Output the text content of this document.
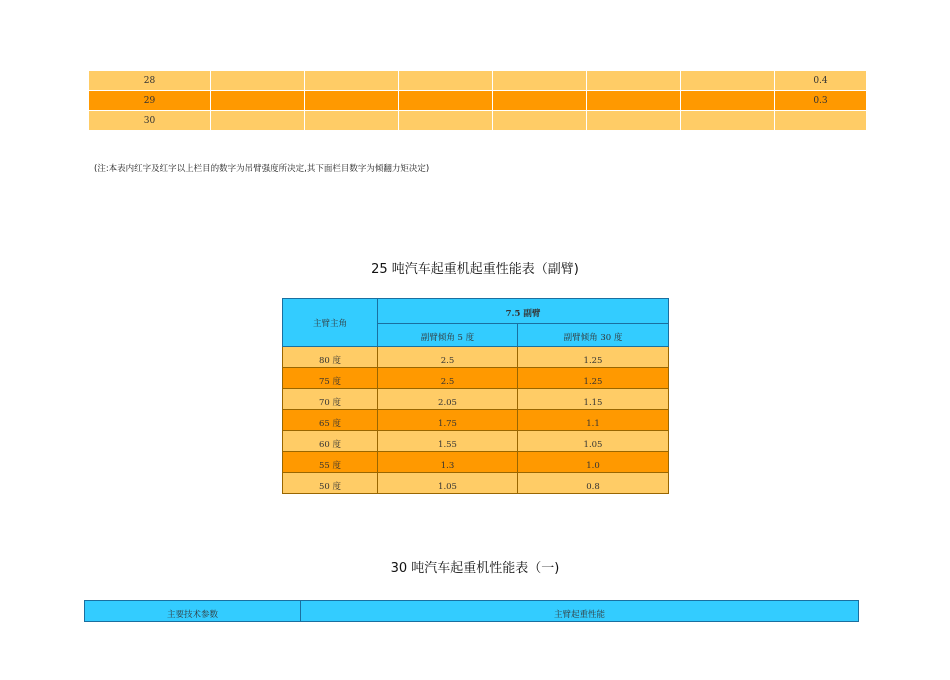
28							0.4
29							0.3
30							
(注:本表内红字及红字以上栏目的数字为吊臂强度所决定,其下面栏目数字为倾翻力矩决定)
25 吨汽车起重机起重性能表（副臂)
主臂主角	7.5 副臂	
	副臂倾角 5 度	副臂倾角 30 度
80 度	2.5	1.25
75 度	2.5	1.25
70 度	2.05	1.15
65 度	1.75	1.1
60 度	1.55	1.05
55 度	1.3	1.0
50 度	1.05	0.8
30 吨汽车起重机性能表（一)
主要技术参数	主臂起重性能
